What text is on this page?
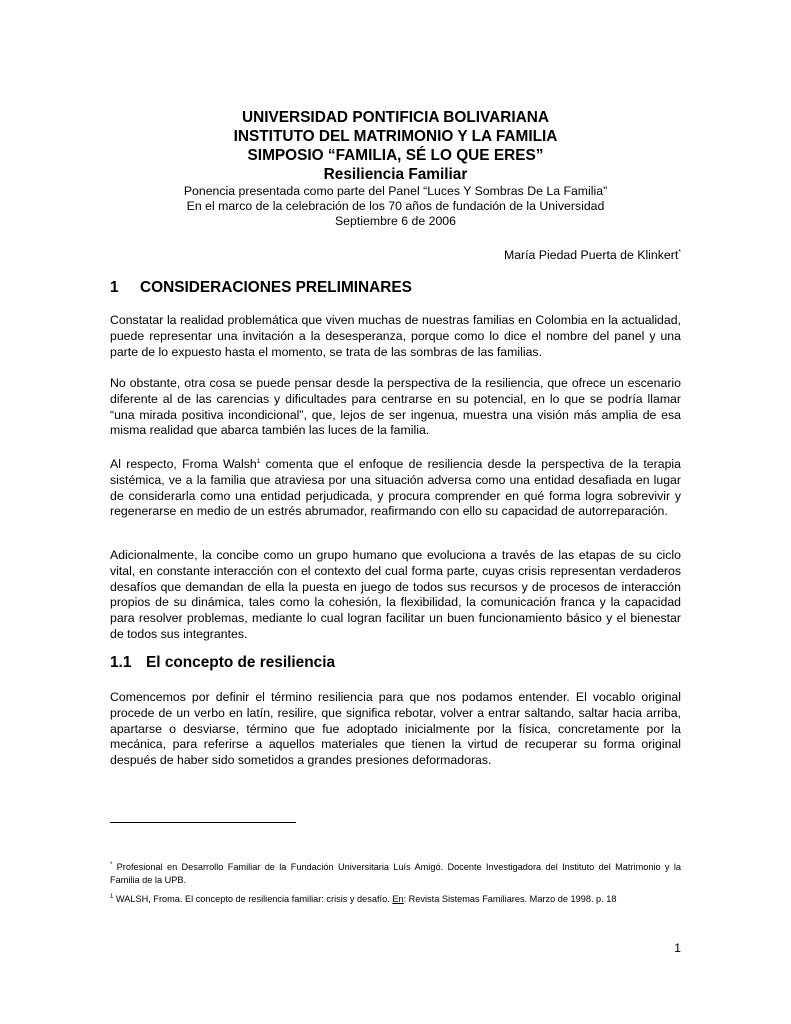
UNIVERSIDAD PONTIFICIA BOLIVARIANA
INSTITUTO DEL MATRIMONIO Y LA FAMILIA
SIMPOSIO “FAMILIA, SÉ LO QUE ERES”
Resiliencia Familiar
Ponencia presentada como parte del Panel “Luces Y Sombras De La Familia”
En el marco de la celebración de los 70 años de fundación de la Universidad
Septiembre 6 de 2006
María Piedad Puerta de Klinkert*
1 CONSIDERACIONES PRELIMINARES
Constatar la realidad problemática que viven muchas de nuestras familias en Colombia en la actualidad, puede representar una invitación a la desesperanza, porque como lo dice el nombre del panel y una parte de lo expuesto hasta el momento, se trata de las sombras de las familias.
No obstante, otra cosa se puede pensar desde la perspectiva de la resiliencia, que ofrece un escenario diferente al de las carencias y dificultades para centrarse en su potencial, en lo que se podría llamar “una mirada positiva incondicional”, que, lejos de ser ingenua, muestra una visión más amplia de esa misma realidad que abarca también las luces de la familia.
Al respecto, Froma Walsh$^1$ comenta que el enfoque de resiliencia desde la perspectiva de la terapia sistémica, ve a la familia que atraviesa por una situación adversa como una entidad desafiada en lugar de considerarla como una entidad perjudicada, y procura comprender en qué forma logra sobrevivir y regenerarse en medio de un estrés abrumador, reafirmando con ello su capacidad de autorreparación.
Adicionalmente, la concibe como un grupo humano que evoluciona a través de las etapas de su ciclo vital, en constante interacción con el contexto del cual forma parte, cuyas crisis representan verdaderos desafíos que demandan de ella la puesta en juego de todos sus recursos y de procesos de interacción propios de su dinámica, tales como la cohesión, la flexibilidad, la comunicación franca y la capacidad para resolver problemas, mediante lo cual logran facilitar un buen funcionamiento básico y el bienestar de todos sus integrantes.
1.1 El concepto de resiliencia
Comencemos por definir el término resiliencia para que nos podamos entender. El vocablo original procede de un verbo en latín, resilire, que significa rebotar, volver a entrar saltando, saltar hacia arriba, apartarse o desviarse, término que fue adoptado inicialmente por la física, concretamente por la mecánica, para referirse a aquellos materiales que tienen la virtud de recuperar su forma original después de haber sido sometidos a grandes presiones deformadoras.
* Profesional en Desarrollo Familiar de la Fundación Universitaria Luís Amigó. Docente Investigadora del Instituto del Matrimonio y la Familia de la UPB.
$^1$ WALSH, Froma. El concepto de resiliencia familiar: crisis y desafío. En: Revista Sistemas Familiares. Marzo de 1998. p. 18
1
